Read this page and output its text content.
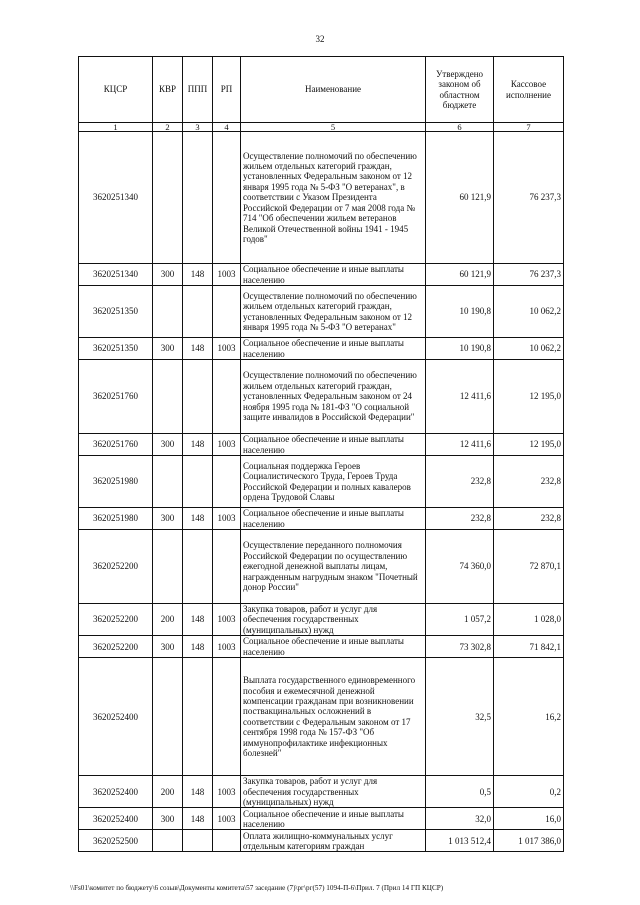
32
КЦСР	КВР	ППП	РП	Наименование	Утверждено законом об областном бюджете	Кассовое исполнение
1	2	3	4	5	6	7
3620251340				Осуществление полномочий по обеспечению жильем отдельных категорий граждан, установленных Федеральным законом от 12 января 1995 года № 5-ФЗ "О ветеранах", в соответствии с Указом Президента Российской Федерации от 7 мая 2008 года № 714 "Об обеспечении жильем ветеранов Великой Отечественной войны 1941 - 1945 годов"	60 121,9	76 237,3
3620251340	300	148	1003	Социальное обеспечение и иные выплаты населению	60 121,9	76 237,3
3620251350				Осуществление полномочий по обеспечению жильем отдельных категорий граждан, установленных Федеральным законом от 12 января 1995 года № 5-ФЗ "О ветеранах"	10 190,8	10 062,2
3620251350	300	148	1003	Социальное обеспечение и иные выплаты населению	10 190,8	10 062,2
3620251760				Осуществление полномочий по обеспечению жильем отдельных категорий граждан, установленных Федеральным законом от 24 ноября 1995 года № 181-ФЗ "О социальной защите инвалидов в Российской Федерации"	12 411,6	12 195,0
3620251760	300	148	1003	Социальное обеспечение и иные выплаты населению	12 411,6	12 195,0
3620251980				Социальная поддержка Героев Социалистического Труда, Героев Труда Российской Федерации и полных кавалеров ордена Трудовой Славы	232,8	232,8
3620251980	300	148	1003	Социальное обеспечение и иные выплаты населению	232,8	232,8
3620252200				Осуществление переданного полномочия Российской Федерации по осуществлению ежегодной денежной выплаты лицам, награжденным нагрудным знаком "Почетный донор России"	74 360,0	72 870,1
3620252200	200	148	1003	Закупка товаров, работ и услуг для обеспечения государственных (муниципальных) нужд	1 057,2	1 028,0
3620252200	300	148	1003	Социальное обеспечение и иные выплаты населению	73 302,8	71 842,1
3620252400				Выплата государственного единовременного пособия и ежемесячной денежной компенсации гражданам при возникновении поствакцинальных осложнений в соответствии с Федеральным законом от 17 сентября 1998 года № 157-ФЗ "Об иммунопрофилактике инфекционных болезней"	32,5	16,2
3620252400	200	148	1003	Закупка товаров, работ и услуг для обеспечения государственных (муниципальных) нужд	0,5	0,2
3620252400	300	148	1003	Социальное обеспечение и иные выплаты населению	32,0	16,0
3620252500				Оплата жилищно-коммунальных услуг отдельным категориям граждан	1 013 512,4	1 017 386,0
\\Fs01\комитет по бюджету\6 созыв\Документы комитета\57 заседание (7)\рг\рг(57) 1094-П-6\Прил. 7 (Прил 14 ГП КЦСР)
